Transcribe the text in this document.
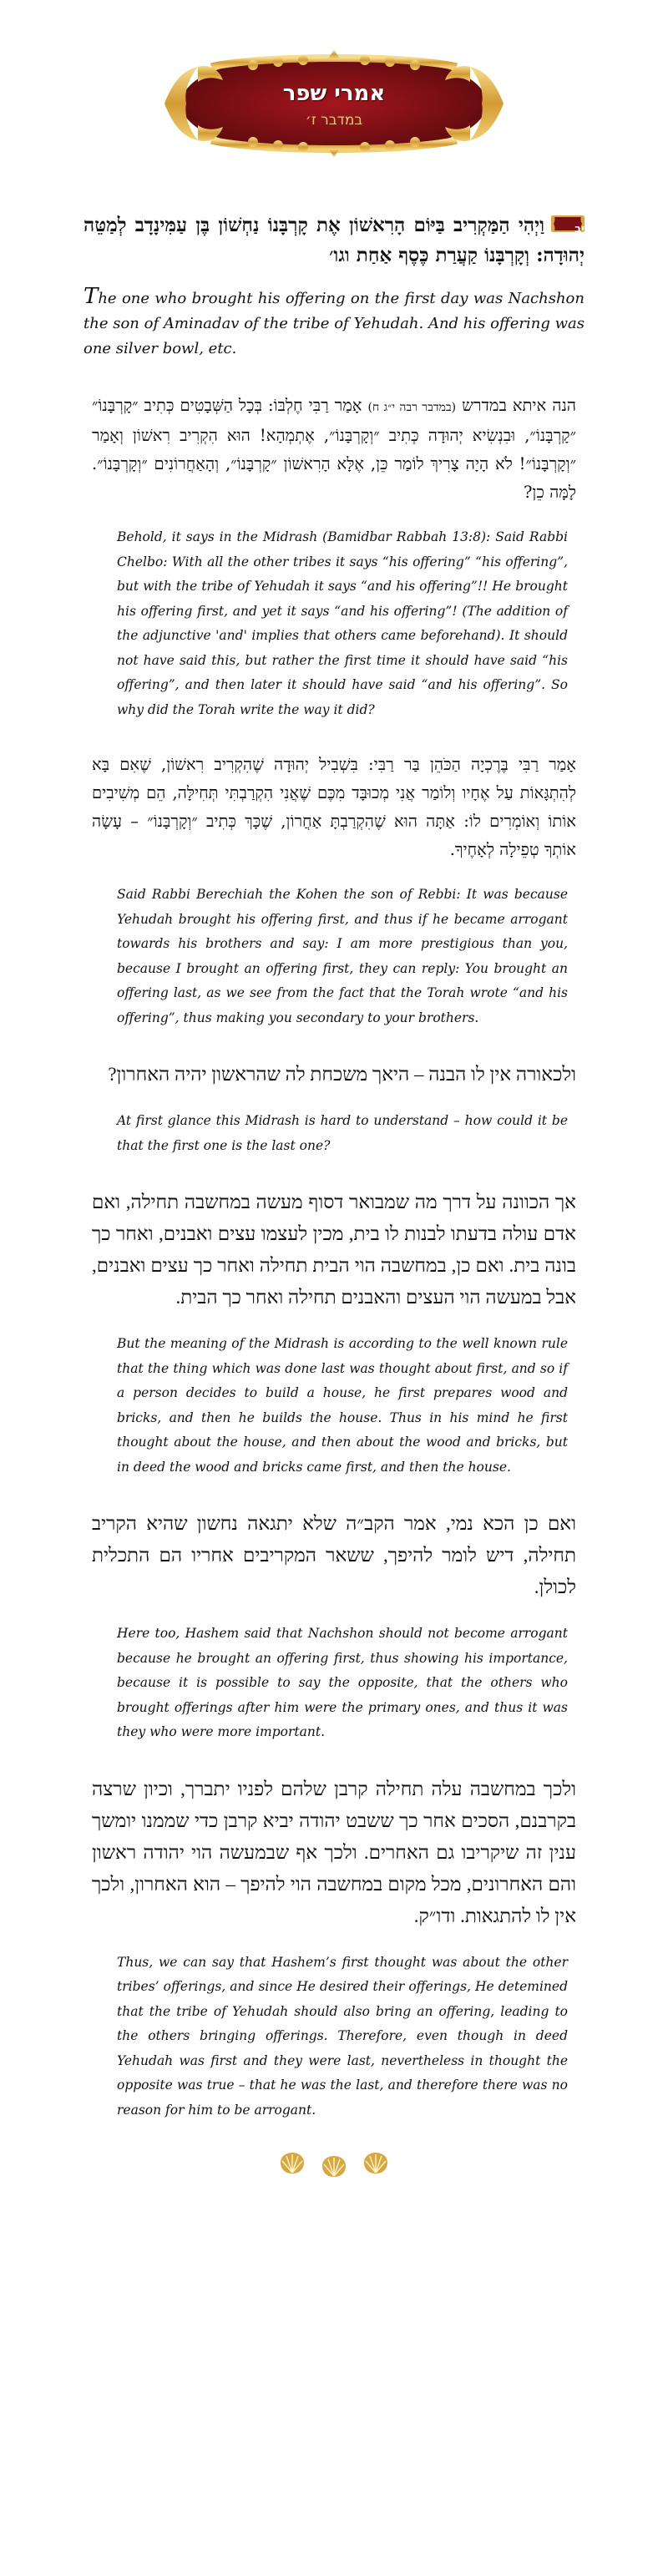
אמרי שפר
במדבר ז׳

יב
וַיְהִי הַמַּקְרִיב בַּיּוֹם הָרִאשׁוֹן אֶת קָרְבָּנוֹ נַחְשׁוֹן בֶּן עַמִּינָדָב לְמַטֵּה יְהוּדָה: וְקָרְבָּנוֹ קַעֲרַת כֶּסֶף אַחַת וגו׳

The one who brought his offering on the first day was Nachshon the son of Aminadav of the tribe of Yehudah. And his offering was one silver bowl, etc.

הנה איתא במדרש (במדבר רבה י״ג ח) אָמַר רַבִּי חֶלְבּוֹ: בְּכָל הַשְּׁבָטִים כְּתִיב ״קָרְבָּנוֹ״ ״קָרְבָּנוֹ״, וּבִנְשִׂיא יְהוּדָה כְּתִיב ״וְקָרְבָּנוֹ״, אֶתְמְהָא! הוּא הִקְרִיב רִאשׁוֹן וְאָמַר ״וְקָרְבָּנוֹ״! לֹא הָיָה צָרִיךְ לוֹמַר כֵּן, אֶלָּא הָרִאשׁוֹן ״קָרְבָּנוֹ״, וְהָאַחֲרוֹנִים ״וְקָרְבָּנוֹ״. לָמָּה כֵן?

Behold, it says in the Midrash (Bamidbar Rabbah 13:8): Said Rabbi Chelbo: With all the other tribes it says “his offering” “his offering”, but with the tribe of Yehudah it says “and his offering”!! He brought his offering first, and yet it says “and his offering”! (The addition of the adjunctive 'and' implies that others came beforehand). It should not have said this, but rather the first time it should have said “his offering”, and then later it should have said “and his offering”. So why did the Torah write the way it did?

אָמַר רַבִּי בֶּרֶכְיָה הַכֹּהֵן בַּר רַבִּי: בִּשְׁבִיל יְהוּדָה שֶׁהִקְרִיב רִאשׁוֹן, שֶׁאִם בָּא לְהִתְגָּאוֹת עַל אֶחָיו וְלוֹמַר אֲנִי מְכוּבָּד מִכֶּם שֶׁאֲנִי הִקְרַבְתִּי תְּחִילָּה, הֵם מְשִׁיבִים אוֹתוֹ וְאוֹמְרִים לוֹ: אַתָּה הוּא שֶׁהִקְרַבְתָּ אַחֲרוֹן, שֶׁכָּךְ כְּתִיב ״וְקָרְבָּנוֹ״ – עָשָׂה אוֹתְךָ טְפֵילָה לְאָחֶיךָ.

Said Rabbi Berechiah the Kohen the son of Rebbi: It was because Yehudah brought his offering first, and thus if he became arrogant towards his brothers and say: I am more prestigious than you, because I brought an offering first, they can reply: You brought an offering last, as we see from the fact that the Torah wrote “and his offering”, thus making you secondary to your brothers.

ולכאורה אין לו הבנה – היאך משכחת לה שהראשון יהיה האחרון?

At first glance this Midrash is hard to understand – how could it be that the first one is the last one?

אך הכוונה על דרך מה שמבואר דסוף מעשה במחשבה תחילה, ואם אדם עולה בדעתו לבנות לו בית, מכין לעצמו עצים ואבנים, ואחר כך בונה בית. ואם כן, במחשבה הוי הבית תחילה ואחר כך עצים ואבנים, אבל במעשה הוי העצים והאבנים תחילה ואחר כך הבית.

But the meaning of the Midrash is according to the well known rule that the thing which was done last was thought about first, and so if a person decides to build a house, he first prepares wood and bricks, and then he builds the house. Thus in his mind he first thought about the house, and then about the wood and bricks, but in deed the wood and bricks came first, and then the house.

ואם כן הכא נמי, אמר הקב״ה שלא יתגאה נחשון שהיא הקריב תחילה, דיש לומר להיפך, ששאר המקריבים אחריו הם התכלית לכולן.

Here too, Hashem said that Nachshon should not become arrogant because he brought an offering first, thus showing his importance, because it is possible to say the opposite, that the others who brought offerings after him were the primary ones, and thus it was they who were more important.

ולכך במחשבה עלה תחילה קרבן שלהם לפניו יתברך, וכיון שרצה בקרבנם, הסכים אחר כך ששבט יהודה יביא קרבן כדי שממנו יומשך ענין זה שיקריבו גם האחרים. ולכך אף שבמעשה הוי יהודה ראשון והם האחרונים, מכל מקום במחשבה הוי להיפך – הוא האחרון, ולכך אין לו להתגאות. ודו״ק.

Thus, we can say that Hashem’s first thought was about the other tribes’ offerings, and since He desired their offerings, He detemined that the tribe of Yehudah should also bring an offering, leading to the others bringing offerings. Therefore, even though in deed Yehudah was first and they were last, nevertheless in thought the opposite was true – that he was the last, and therefore there was no reason for him to be arrogant.
